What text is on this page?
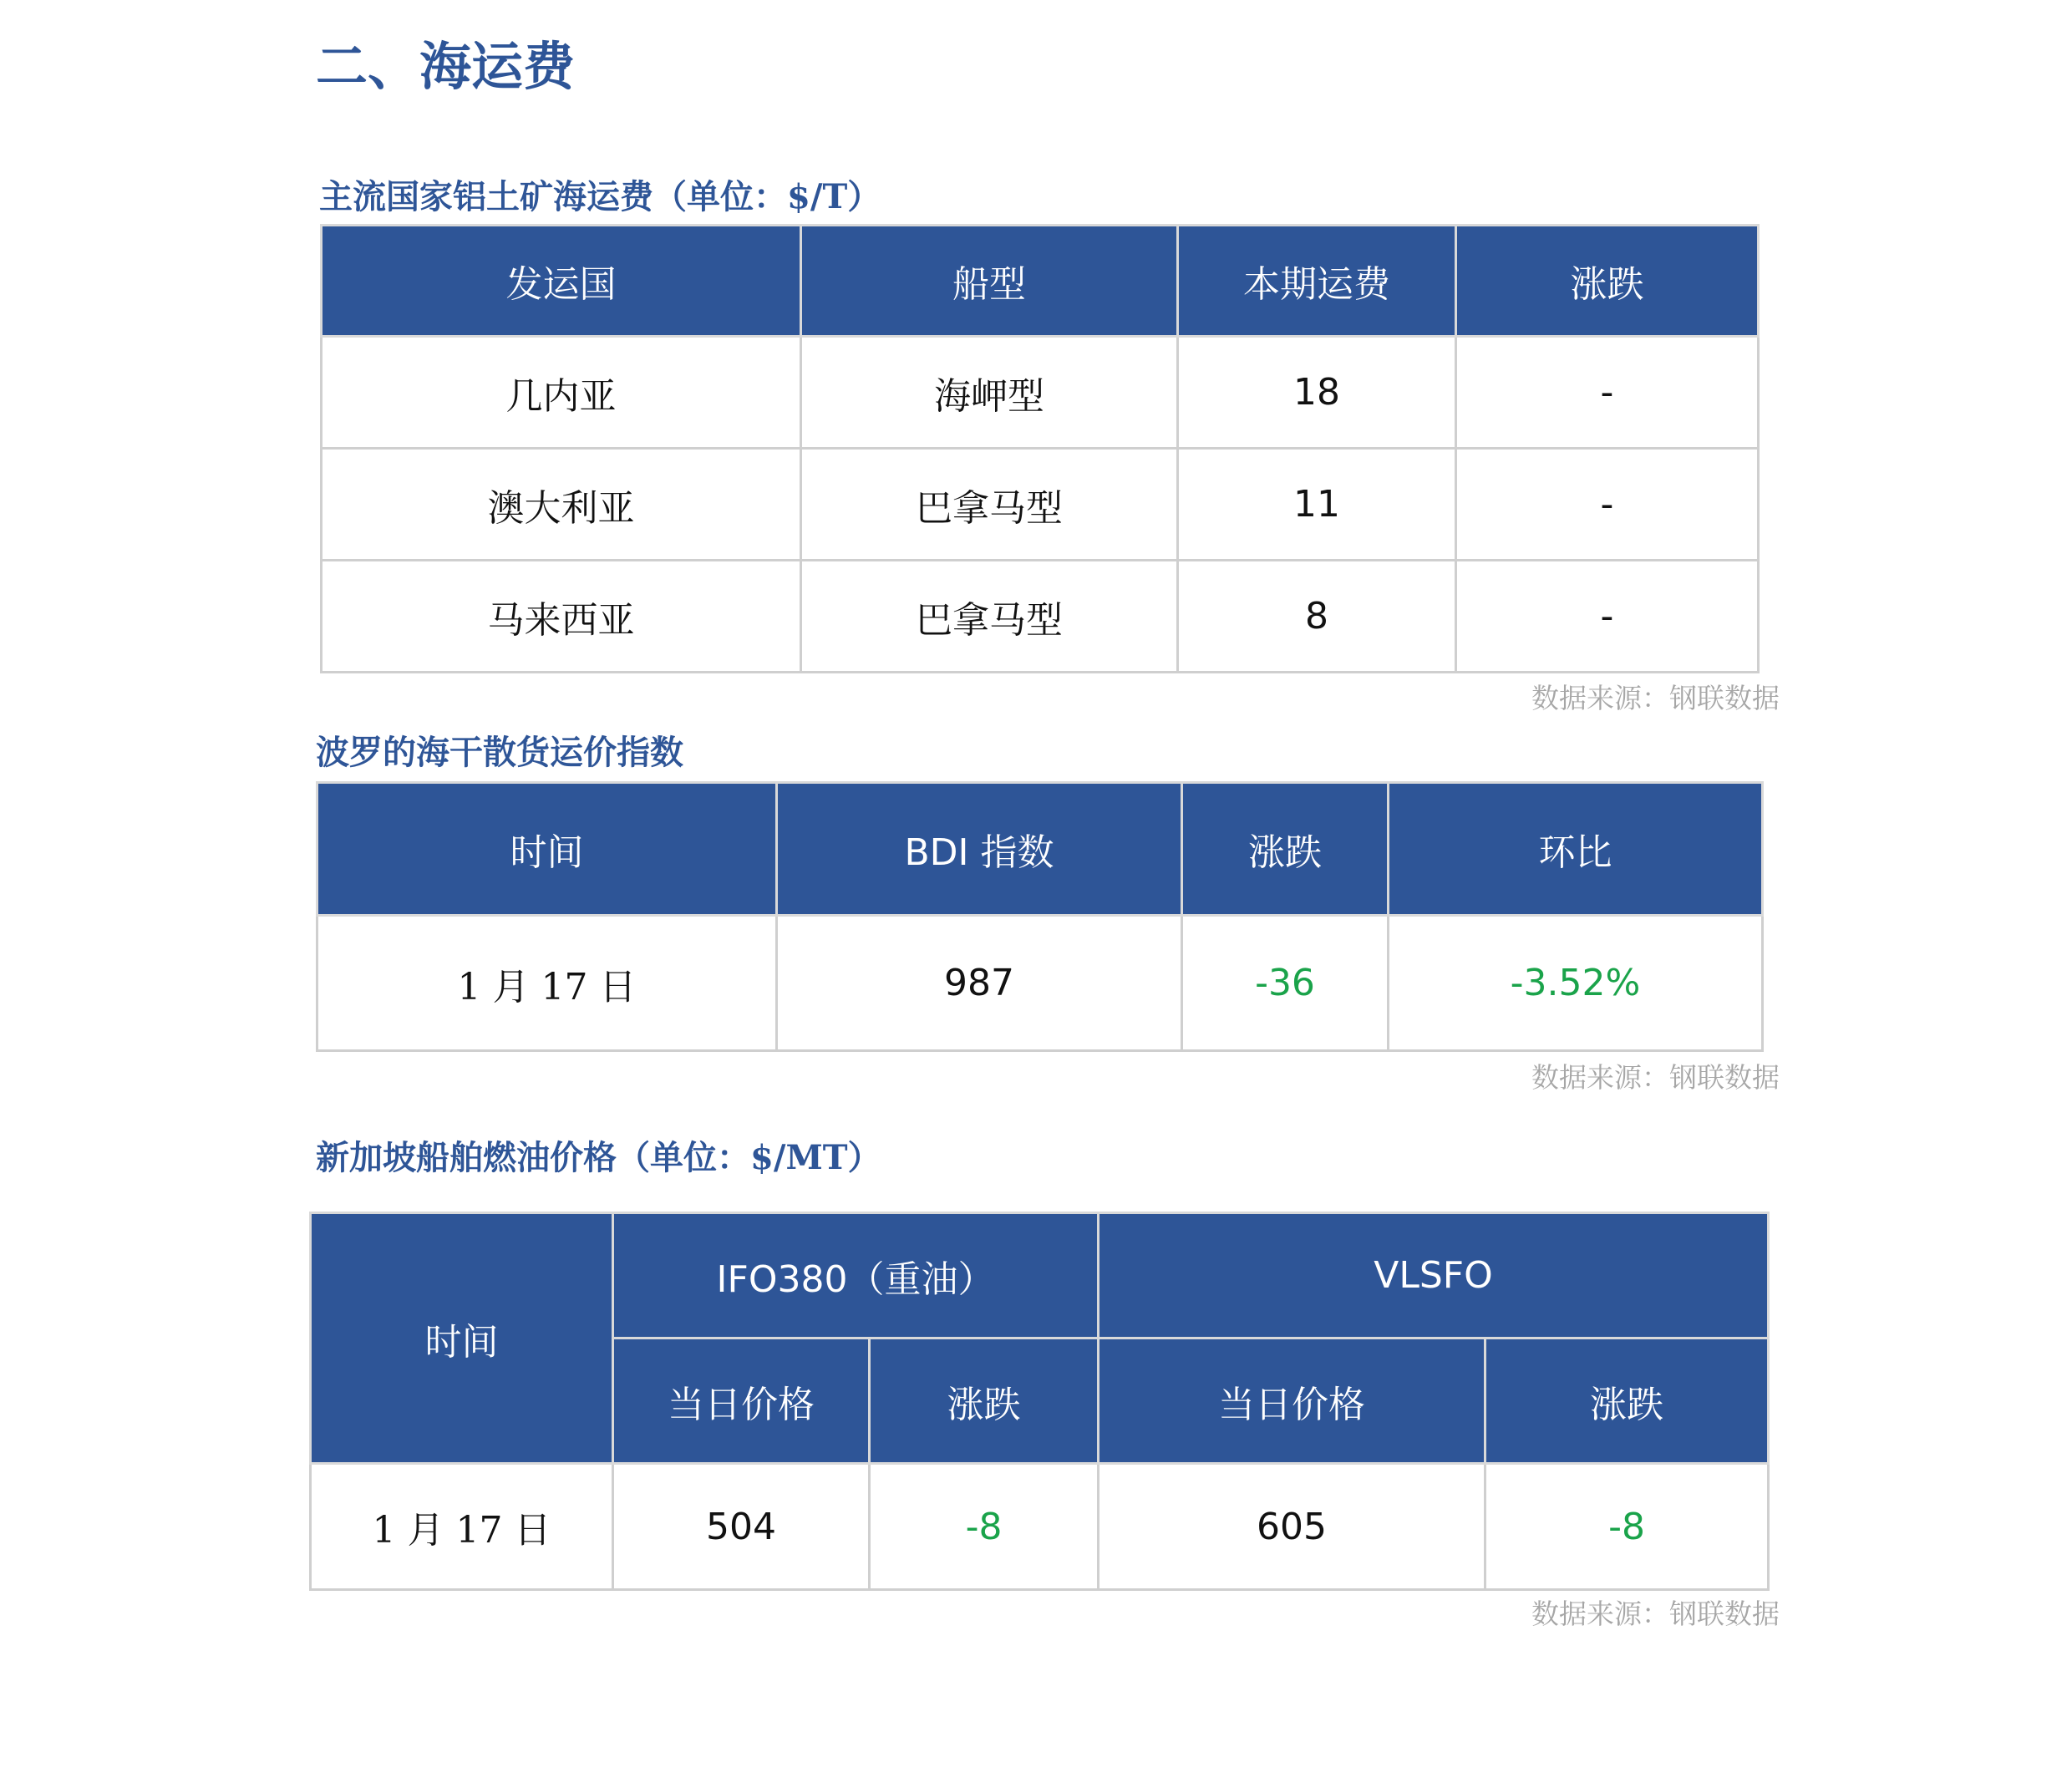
二、海运费

主流国家铝土矿海运费（单位：$/T）

发运国	船型	本期运费	涨跌
几内亚	海岬型	18	-
澳大利亚	巴拿马型	11	-
马来西亚	巴拿马型	8	-

数据来源：钢联数据

波罗的海干散货运价指数

时间	BDI 指数	涨跌	环比
1 月 17 日	987	-36	-3.52%

数据来源：钢联数据

新加坡船舶燃油价格（单位：$/MT）

时间	IFO380（重油）		VLSFO	
	当日价格	涨跌	当日价格	涨跌
1 月 17 日	504	-8	605	-8

数据来源：钢联数据
